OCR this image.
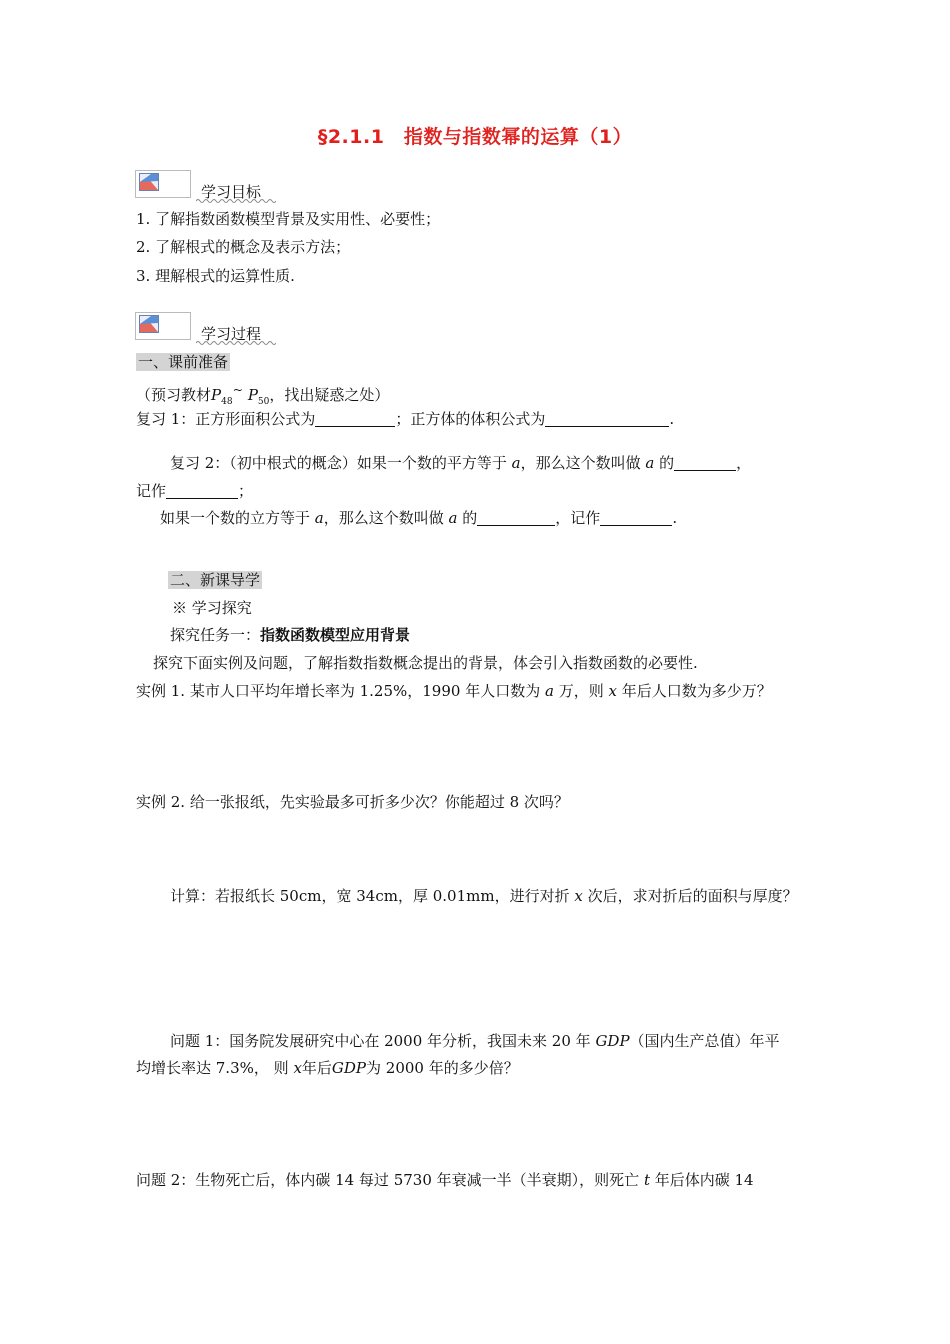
§2.1.1　指数与指数幂的运算（1）
学习目标
1. 了解指数函数模型背景及实用性、必要性；
2. 了解根式的概念及表示方法；
3. 理解根式的运算性质.
学习过程
一、课前准备
（预习教材$P_{48}^\sim$ $P_{50}$，找出疑惑之处）
复习 1：正方形面积公式为	；正方体的体积公式为	.
复习 2：（初中根式的概念）如果一个数的平方等于 a，那么这个数叫做 a 的	，
记作	；
如果一个数的立方等于 a，那么这个数叫做 a 的	，记作	.
二、新课导学
※ 学习探究
探究任务一：指数函数模型应用背景
探究下面实例及问题，了解指数指数概念提出的背景，体会引入指数函数的必要性.
实例 1. 某市人口平均年增长率为 1.25%，1990 年人口数为 a 万，则 x 年后人口数为多少万？
实例 2. 给一张报纸，先实验最多可折多少次？你能超过 8 次吗？
计算：若报纸长 50cm，宽 34cm，厚 0.01mm，进行对折 x 次后，求对折后的面积与厚度？
问题 1：国务院发展研究中心在 2000 年分析，我国未来 20 年 GDP（国内生产总值）年平
均增长率达 7.3%， 则 x年后GDP为 2000 年的多少倍？
问题 2：生物死亡后，体内碳 14 每过 5730 年衰减一半（半衰期），则死亡 t 年后体内碳 14
